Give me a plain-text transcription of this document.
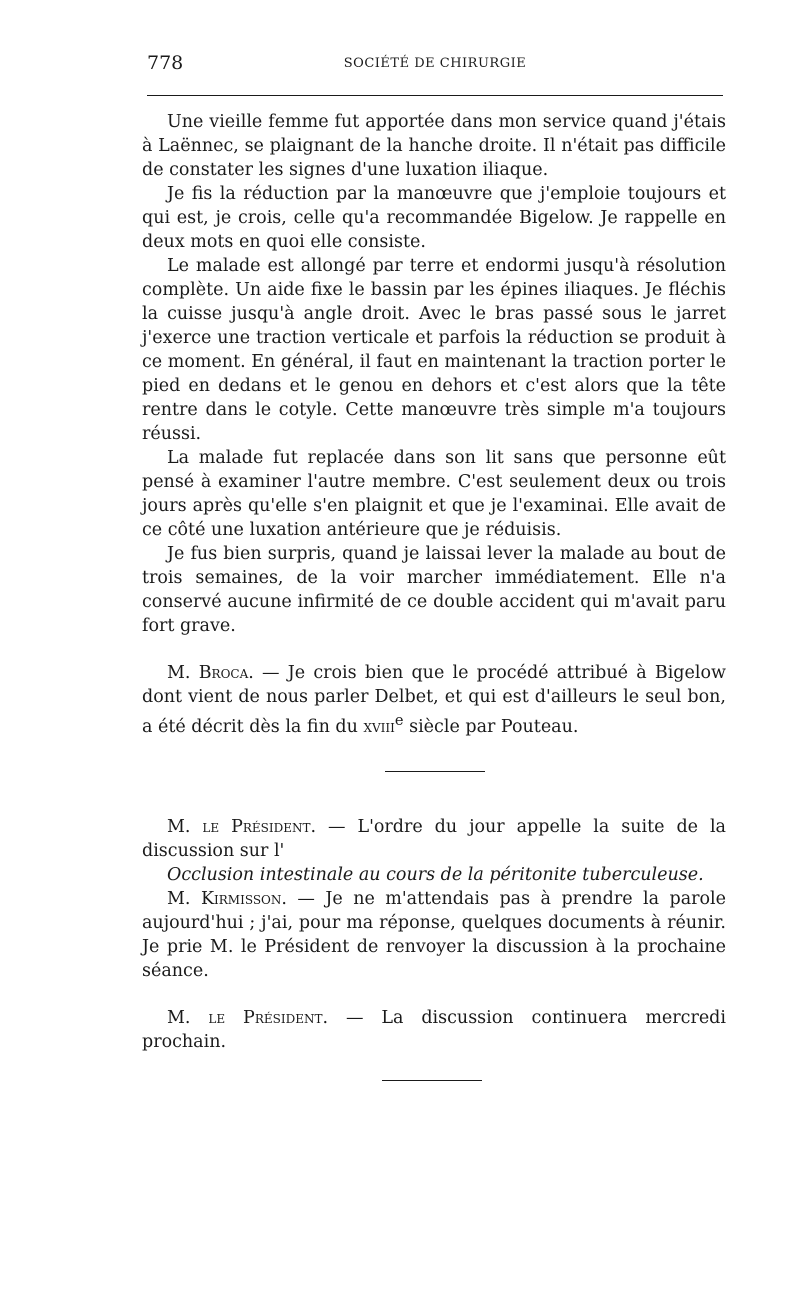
778	SOCIÉTÉ DE CHIRURGIE

Une vieille femme fut apportée dans mon service quand j'étais à Laënnec, se plaignant de la hanche droite. Il n'était pas difficile de constater les signes d'une luxation iliaque.

Je fis la réduction par la manœuvre que j'emploie toujours et qui est, je crois, celle qu'a recommandée Bigelow. Je rappelle en deux mots en quoi elle consiste.

Le malade est allongé par terre et endormi jusqu'à résolution complète. Un aide fixe le bassin par les épines iliaques. Je fléchis la cuisse jusqu'à angle droit. Avec le bras passé sous le jarret j'exerce une traction verticale et parfois la réduction se produit à ce moment. En général, il faut en maintenant la traction porter le pied en dedans et le genou en dehors et c'est alors que la tête rentre dans le cotyle. Cette manœuvre très simple m'a toujours réussi.

La malade fut replacée dans son lit sans que personne eût pensé à examiner l'autre membre. C'est seulement deux ou trois jours après qu'elle s'en plaignit et que je l'examinai. Elle avait de ce côté une luxation antérieure que je réduisis.

Je fus bien surpris, quand je laissai lever la malade au bout de trois semaines, de la voir marcher immédiatement. Elle n'a conservé aucune infirmité de ce double accident qui m'avait paru fort grave.

M. Broca. — Je crois bien que le procédé attribué à Bigelow dont vient de nous parler Delbet, et qui est d'ailleurs le seul bon, a été décrit dès la fin du xviii$^e$ siècle par Pouteau.

M. le Président. — L'ordre du jour appelle la suite de la discussion sur l'

Occlusion intestinale au cours de la péritonite tuberculeuse.

M. Kirmisson. — Je ne m'attendais pas à prendre la parole aujourd'hui ; j'ai, pour ma réponse, quelques documents à réunir. Je prie M. le Président de renvoyer la discussion à la prochaine séance.

M. le Président. — La discussion continuera mercredi prochain.
